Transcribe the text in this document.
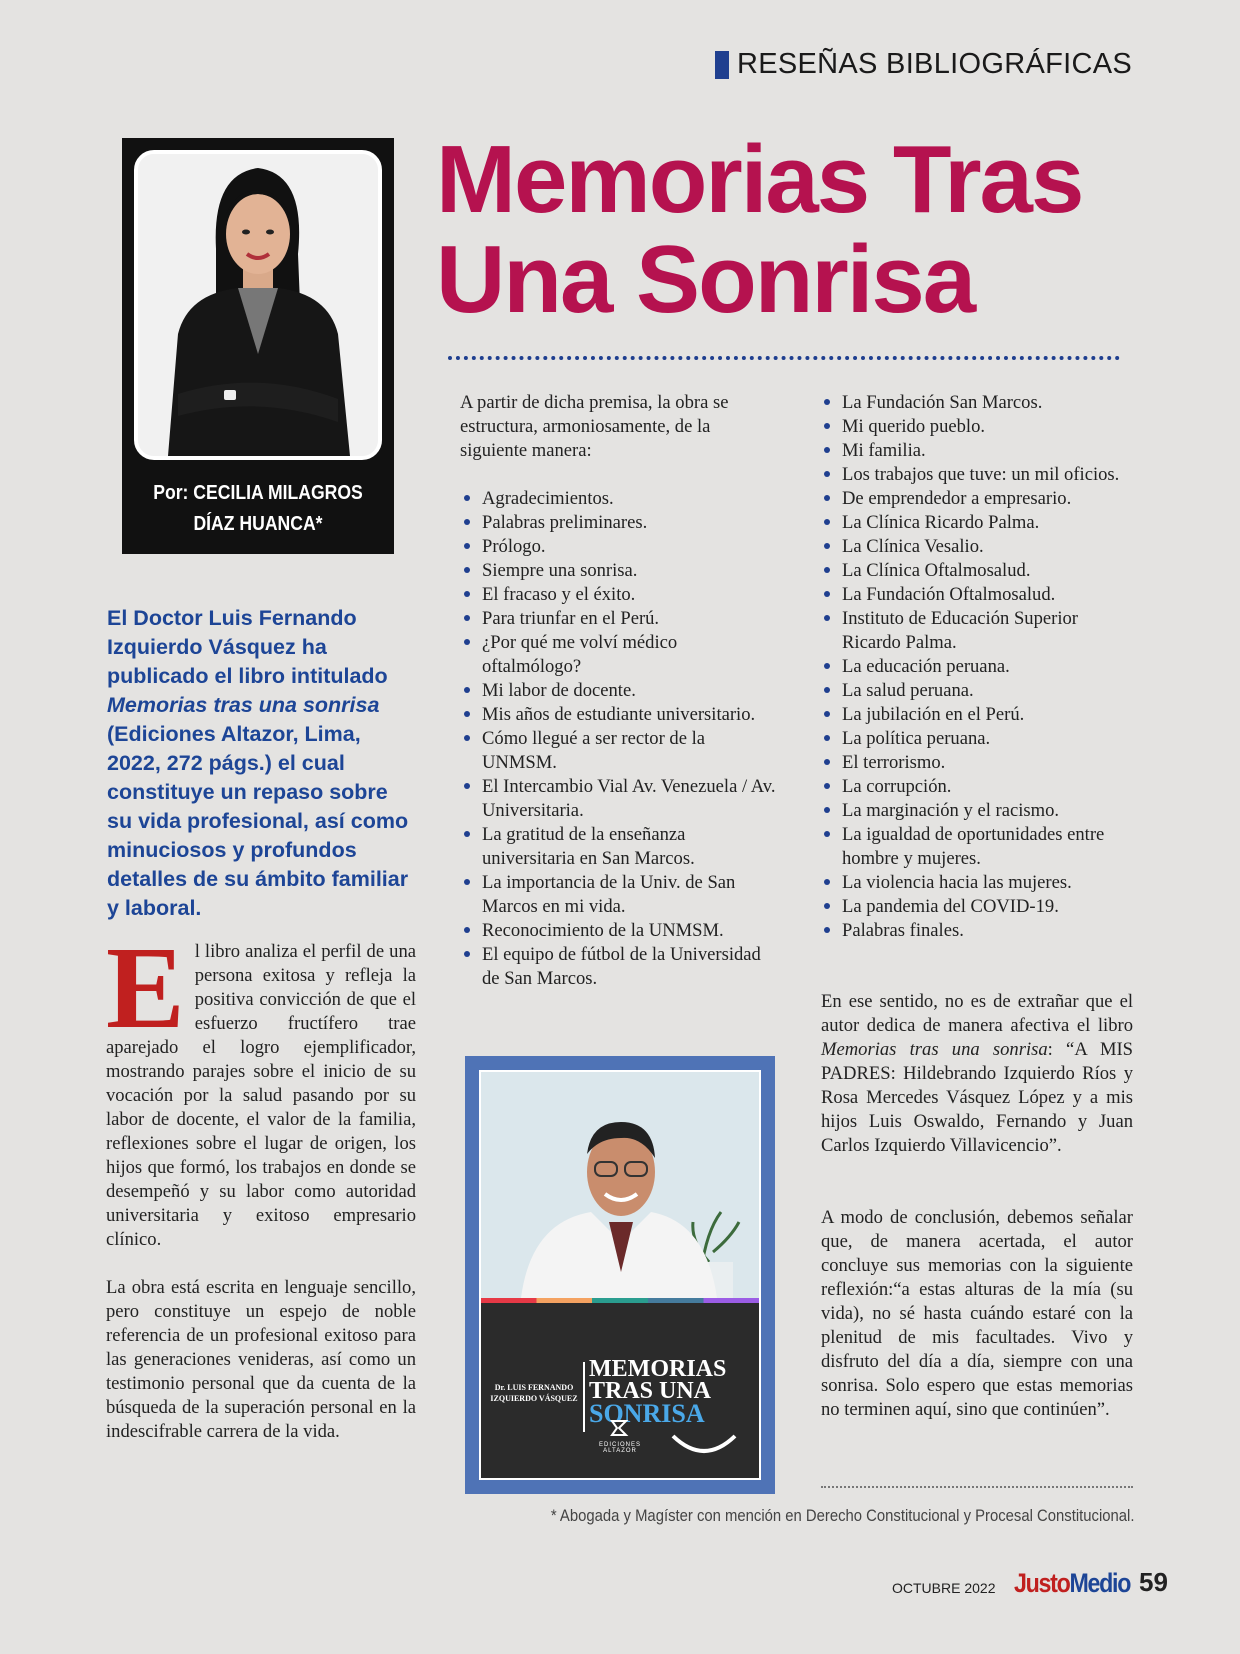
RESEÑAS BIBLIOGRÁFICAS
Por: CECILIA MILAGROS
DÍAZ HUANCA*
Memorias Tras
Una Sonrisa

El Doctor Luis Fernando Izquierdo Vásquez ha publicado el libro intitulado Memorias tras una sonrisa (Ediciones Altazor, Lima, 2022, 272 págs.) el cual constituye un repaso sobre su vida profesional, así como minuciosos y profundos detalles de su ámbito familiar y laboral.

El libro analiza el perfil de una persona exitosa y refleja la positiva convicción de que el esfuerzo fructífero trae aparejado el logro ejemplificador, mostrando parajes sobre el inicio de su vocación por la salud pasando por su labor de docente, el valor de la familia, reflexiones sobre el lugar de origen, los hijos que formó, los trabajos en donde se desempeñó y su labor como autoridad universitaria y exitoso empresario clínico.

La obra está escrita en lenguaje sencillo, pero constituye un espejo de noble referencia de un profesional exitoso para las generaciones venideras, así como un testimonio personal que da cuenta de la búsqueda de la superación personal en la indescifrable carrera de la vida.

A partir de dicha premisa, la obra se estructura, armoniosamente, de la siguiente manera:

Agradecimientos.
Palabras preliminares.
Prólogo.
Siempre una sonrisa.
El fracaso y el éxito.
Para triunfar en el Perú.
¿Por qué me volví médico oftalmólogo?
Mi labor de docente.
Mis años de estudiante universitario.
Cómo llegué a ser rector de la UNMSM.
El Intercambio Vial Av. Venezuela / Av. Universitaria.
La gratitud de la enseñanza universitaria en San Marcos.
La importancia de la Univ. de San Marcos en mi vida.
Reconocimiento de la UNMSM.
El equipo de fútbol de la Universidad de San Marcos.
La Fundación San Marcos.
Mi querido pueblo.
Mi familia.
Los trabajos que tuve: un mil oficios.
De emprendedor a empresario.
La Clínica Ricardo Palma.
La Clínica Vesalio.
La Clínica Oftalmosalud.
La Fundación Oftalmosalud.
Instituto de Educación Superior Ricardo Palma.
La educación peruana.
La salud peruana.
La jubilación en el Perú.
La política peruana.
El terrorismo.
La corrupción.
La marginación y el racismo.
La igualdad de oportunidades entre hombre y mujeres.
La violencia hacia las mujeres.
La pandemia del COVID-19.
Palabras finales.

En ese sentido, no es de extrañar que el autor dedica de manera afectiva el libro Memorias tras una sonrisa: “A MIS PADRES: Hildebrando Izquierdo Ríos y Rosa Mercedes Vásquez López y a mis hijos Luis Oswaldo, Fernando y Juan Carlos Izquierdo Villavicencio”.

A modo de conclusión, debemos señalar que, de manera acertada, el autor concluye sus memorias con la siguiente reflexión:“a estas alturas de la mía (su vida), no sé hasta cuándo estaré con la plenitud de mis facultades. Vivo y disfruto del día a día, siempre con una sonrisa. Solo espero que estas memorias no terminen aquí, sino que continúen”.

Dr. LUIS FERNANDO
IZQUIERDO VÁSQUEZ
MEMORIAS
TRAS UNA
SONRISA
EDICIONES
ALTAZOR
* Abogada y Magíster con mención en Derecho Constitucional y Procesal Constitucional.
OCTUBRE 2022 JustoMedio 59
